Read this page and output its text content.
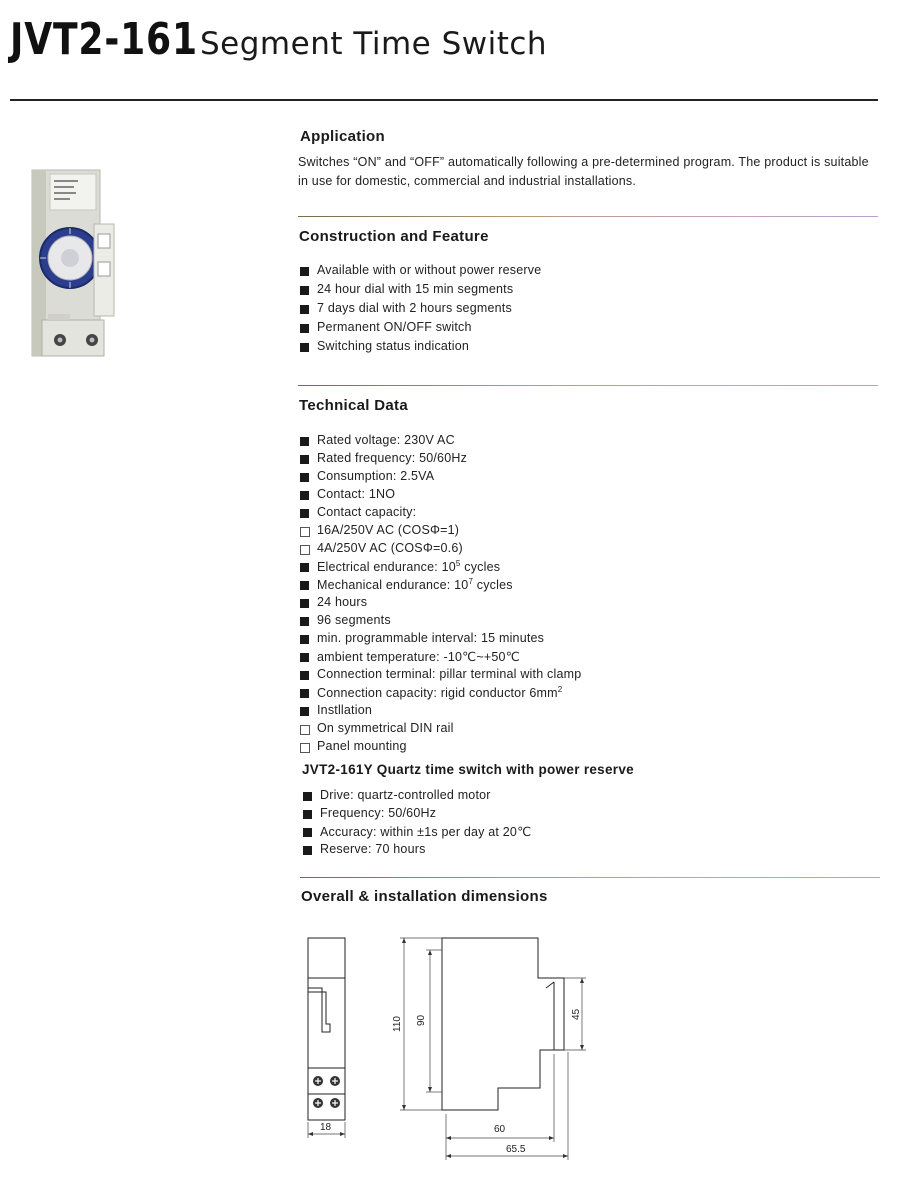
JVT2-161 Segment Time Switch
Application
Switches “ON” and “OFF” automatically following a pre-determined program. The product is suitable in use for domestic, commercial and industrial installations.
Construction and Feature
Available with or without power reserve
24 hour dial with 15 min segments
7 days dial with 2 hours segments
Permanent ON/OFF switch
Switching status indication
Technical Data
Rated voltage: 230V AC
Rated frequency: 50/60Hz
Consumption: 2.5VA
Contact: 1NO
Contact capacity:
16A/250V AC (COSΦ=1)
4A/250V AC (COSΦ=0.6)
Electrical endurance: $10^5$ cycles
Mechanical endurance: $10^7$ cycles
24 hours
96 segments
min. programmable interval: 15 minutes
ambient temperature: -10℃~+50℃
Connection terminal: pillar terminal with clamp
Connection capacity: rigid conductor $6mm^2$
Instllation
On symmetrical DIN rail
Panel mounting
JVT2-161Y Quartz time switch with power reserve
Drive: quartz-controlled motor
Frequency: 50/60Hz
Accuracy: within ±1s per day at 20℃
Reserve: 70 hours
Overall & installation dimensions
18
110 90
45
60
65.5
